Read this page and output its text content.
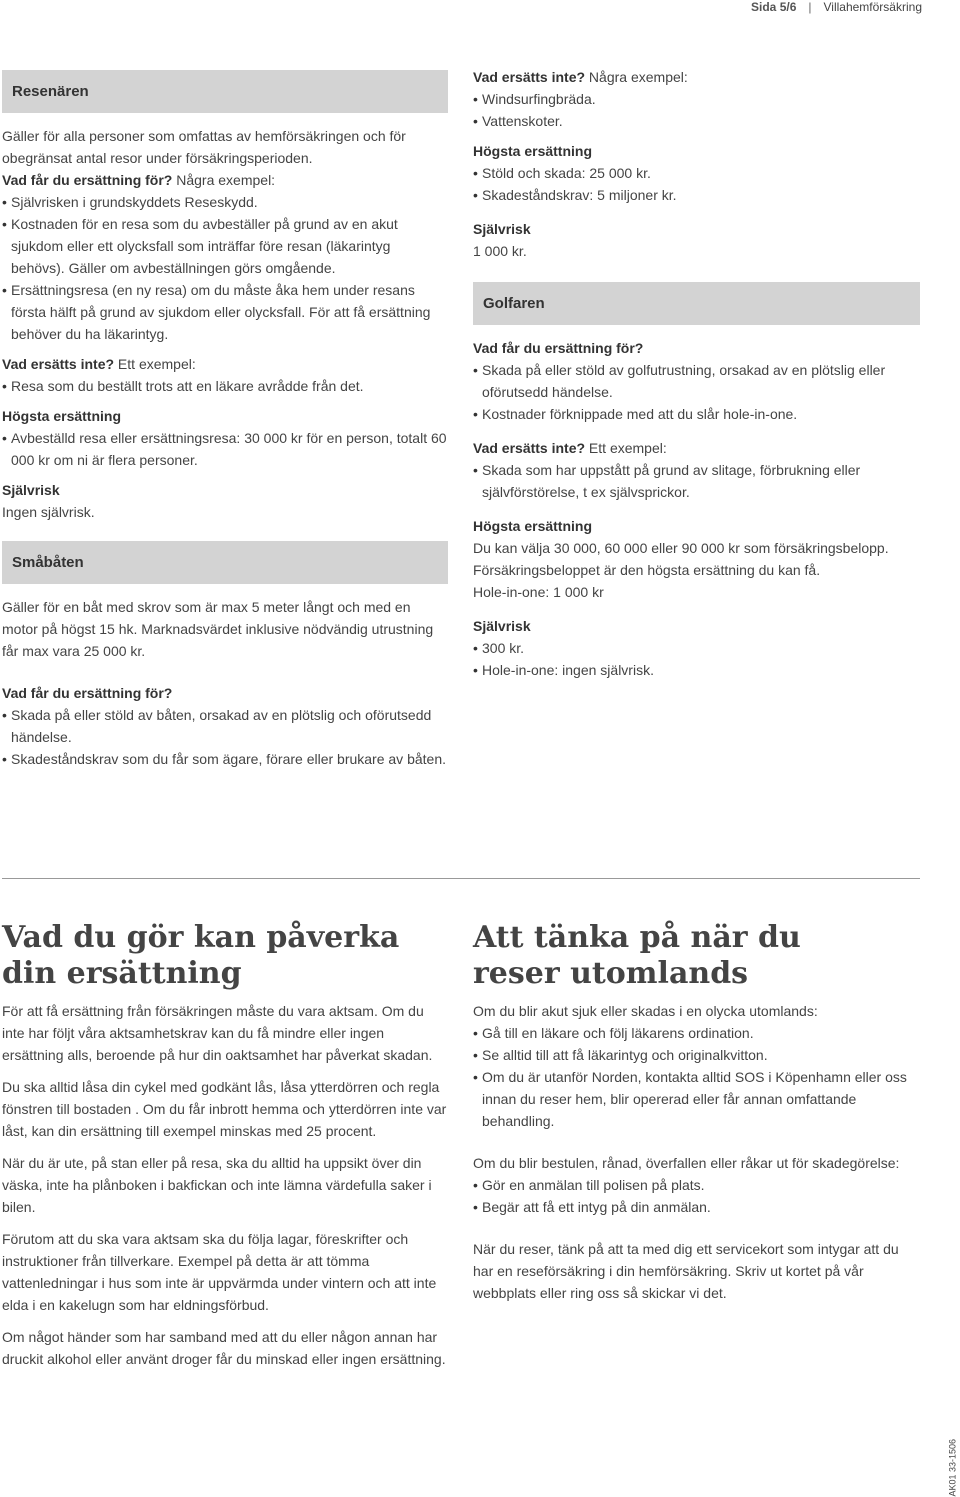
Sida 5/6 | Villahemförsäkring
Resenären

Gäller för alla personer som omfattas av hemförsäkringen och för obegränsat antal resor under försäkringsperioden.

Vad får du ersättning för? Några exempel:
• Självrisken i grundskyddets Reseskydd.
• Kostnaden för en resa som du avbeställer på grund av en akut sjukdom eller ett olycksfall som inträffar före resan (läkarintyg behövs). Gäller om avbeställningen görs omgående.
• Ersättningsresa (en ny resa) om du måste åka hem under resans första hälft på grund av sjukdom eller olycksfall. För att få ersättning behöver du ha läkarintyg.
Vad ersätts inte? Ett exempel:
• Resa som du beställt trots att en läkare avrådde från det.
Högsta ersättning
• Avbeställd resa eller ersättningsresa: 30 000 kr för en person, totalt 60 000 kr om ni är flera personer.
Självrisk

Ingen självrisk.

Småbåten

Gäller för en båt med skrov som är max 5 meter långt och med en motor på högst 15 hk. Marknadsvärdet inklusive nödvändig utrustning får max vara 25 000 kr.

Vad får du ersättning för?
• Skada på eller stöld av båten, orsakad av en plötslig och oförutsedd händelse.
• Skadeståndskrav som du får som ägare, förare eller brukare av båten.
Vad ersätts inte? Några exempel:
• Windsurfingbräda.
• Vattenskoter.
Högsta ersättning
• Stöld och skada: 25 000 kr.
• Skadeståndskrav: 5 miljoner kr.
Självrisk

1 000 kr.

Golfaren
Vad får du ersättning för?
• Skada på eller stöld av golfutrustning, orsakad av en plötslig eller oförutsedd händelse.
• Kostnader förknippade med att du slår hole-in-one.
Vad ersätts inte? Ett exempel:
• Skada som har uppstått på grund av slitage, förbrukning eller självförstörelse, t ex självsprickor.
Högsta ersättning

Du kan välja 30 000, 60 000 eller 90 000 kr som försäkringsbelopp.

Försäkringsbeloppet är den högsta ersättning du kan få.

Hole-in-one: 1 000 kr

Självrisk
• 300 kr.
• Hole-in-one: ingen självrisk.
Vad du gör kan påverka
din ersättning

För att få ersättning från försäkringen måste du vara aktsam. Om du inte har följt våra aktsamhetskrav kan du få mindre eller ingen ersättning alls, beroende på hur din oaktsamhet har påverkat skadan.

Du ska alltid låsa din cykel med godkänt lås, låsa ytterdörren och regla fönstren till bostaden . Om du får inbrott hemma och ytterdörren inte var låst, kan din ersättning till exempel minskas med 25 procent.

När du är ute, på stan eller på resa, ska du alltid ha uppsikt över din väska, inte ha plånboken i bakfickan och inte lämna värdefulla saker i bilen.

Förutom att du ska vara aktsam ska du följa lagar, föreskrifter och instruktioner från tillverkare. Exempel på detta är att tömma vattenledningar i hus som inte är uppvärmda under vintern och att inte elda i en kakelugn som har eldningsförbud.

Om något händer som har samband med att du eller någon annan har druckit alkohol eller använt droger får du minskad eller ingen ersättning.

Att tänka på när du
reser utomlands

Om du blir akut sjuk eller skadas i en olycka utomlands:

• Gå till en läkare och följ läkarens ordination.
• Se alltid till att få läkarintyg och originalkvitton.
• Om du är utanför Norden, kontakta alltid SOS i Köpenhamn eller oss innan du reser hem, blir opererad eller får annan omfattande behandling.

Om du blir bestulen, rånad, överfallen eller råkar ut för skadegörelse:

• Gör en anmälan till polisen på plats.
• Begär att få ett intyg på din anmälan.

När du reser, tänk på att ta med dig ett servicekort som intygar att du har en reseförsäkring i din hemförsäkring. Skriv ut kortet på vår webbplats eller ring oss så skickar vi det.

AK01 33-1506
